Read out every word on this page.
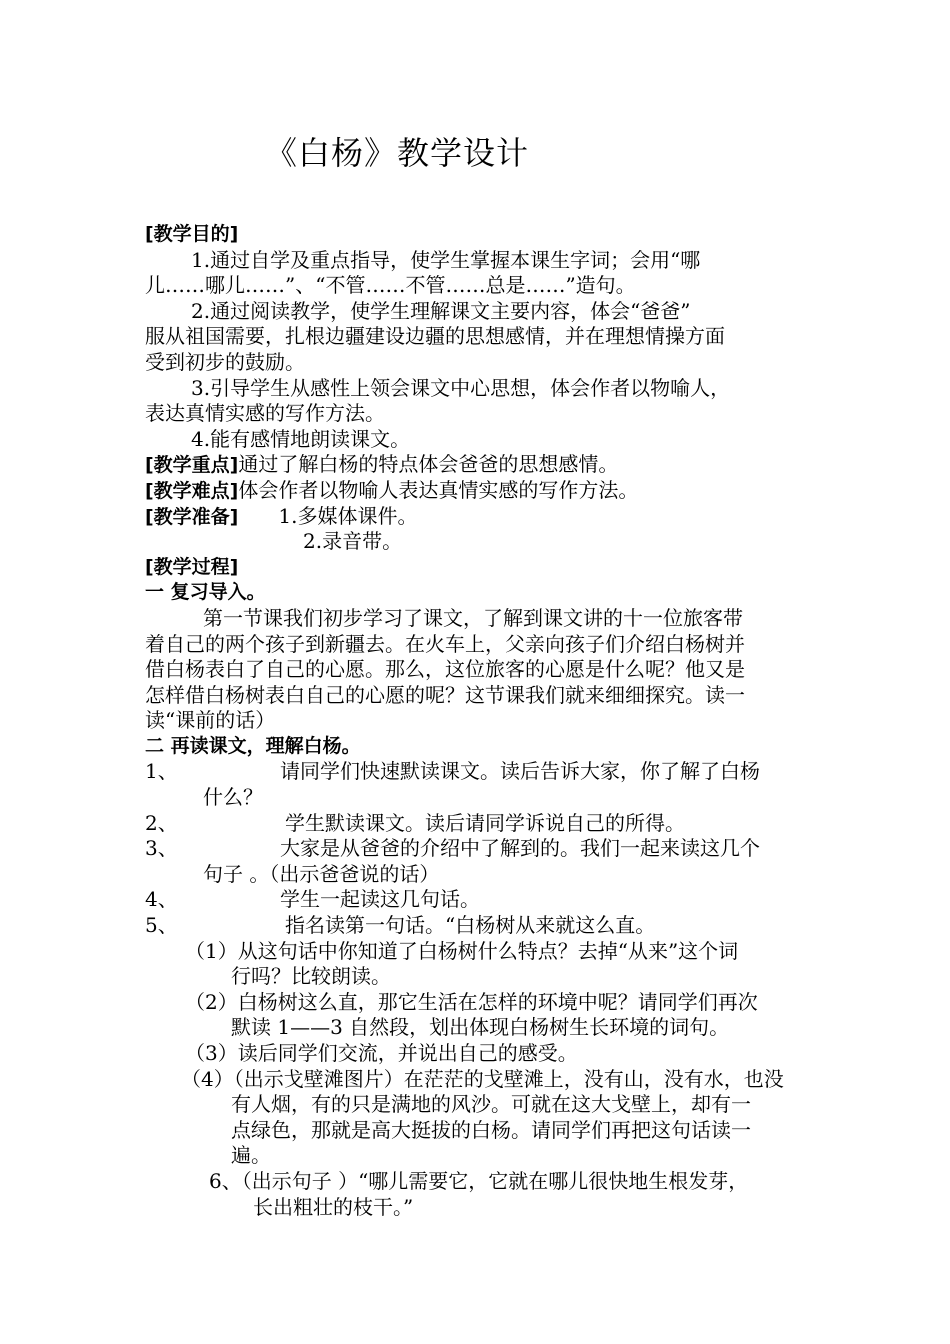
《白杨》教学设计
[教学目的]
1.通过自学及重点指导，使学生掌握本课生字词；会用“哪
儿……哪儿……”、“不管……不管……总是……”造句。
2.通过阅读教学，使学生理解课文主要内容，体会“爸爸”
服从祖国需要，扎根边疆建设边疆的思想感情，并在理想情操方面
受到初步的鼓励。
3.引导学生从感性上领会课文中心思想，体会作者以物喻人，
表达真情实感的写作方法。
4.能有感情地朗读课文。
[教学重点]通过了解白杨的特点体会爸爸的思想感情。
[教学难点]体会作者以物喻人表达真情实感的写作方法。
[教学准备] 1.多媒体课件。
2.录音带。
[教学过程]
一 复习导入。
第一节课我们初步学习了课文，了解到课文讲的十一位旅客带
着自己的两个孩子到新疆去。在火车上，父亲向孩子们介绍白杨树并
借白杨表白了自己的心愿。那么，这位旅客的心愿是什么呢？他又是
怎样借白杨树表白自己的心愿的呢？这节课我们就来细细探究。读一
读“课前的话）
二 再读课文，理解白杨。
1、	请同学们快速默读课文。读后告诉大家，你了解了白杨
什么？
2、	学生默读课文。读后请同学诉说自己的所得。
3、	大家是从爸爸的介绍中了解到的。我们一起来读这几个
句子 。（出示爸爸说的话）
4、	学生一起读这几句话。
5、	指名读第一句话。“白杨树从来就这么直。
（1）从这句话中你知道了白杨树什么特点？去掉“从来”这个词
行吗？比较朗读。
（2）白杨树这么直，那它生活在怎样的环境中呢？请同学们再次
默读 1——3 自然段，划出体现白杨树生长环境的词句。
（3）读后同学们交流，并说出自己的感受。
（4）（出示戈壁滩图片）在茫茫的戈壁滩上，没有山，没有水，也没
有人烟，有的只是满地的风沙。可就在这大戈壁上，却有一
点绿色，那就是高大挺拔的白杨。请同学们再把这句话读一
遍。
6、（出示句子 ）“哪儿需要它，它就在哪儿很快地生根发芽，
长出粗壮的枝干。”
